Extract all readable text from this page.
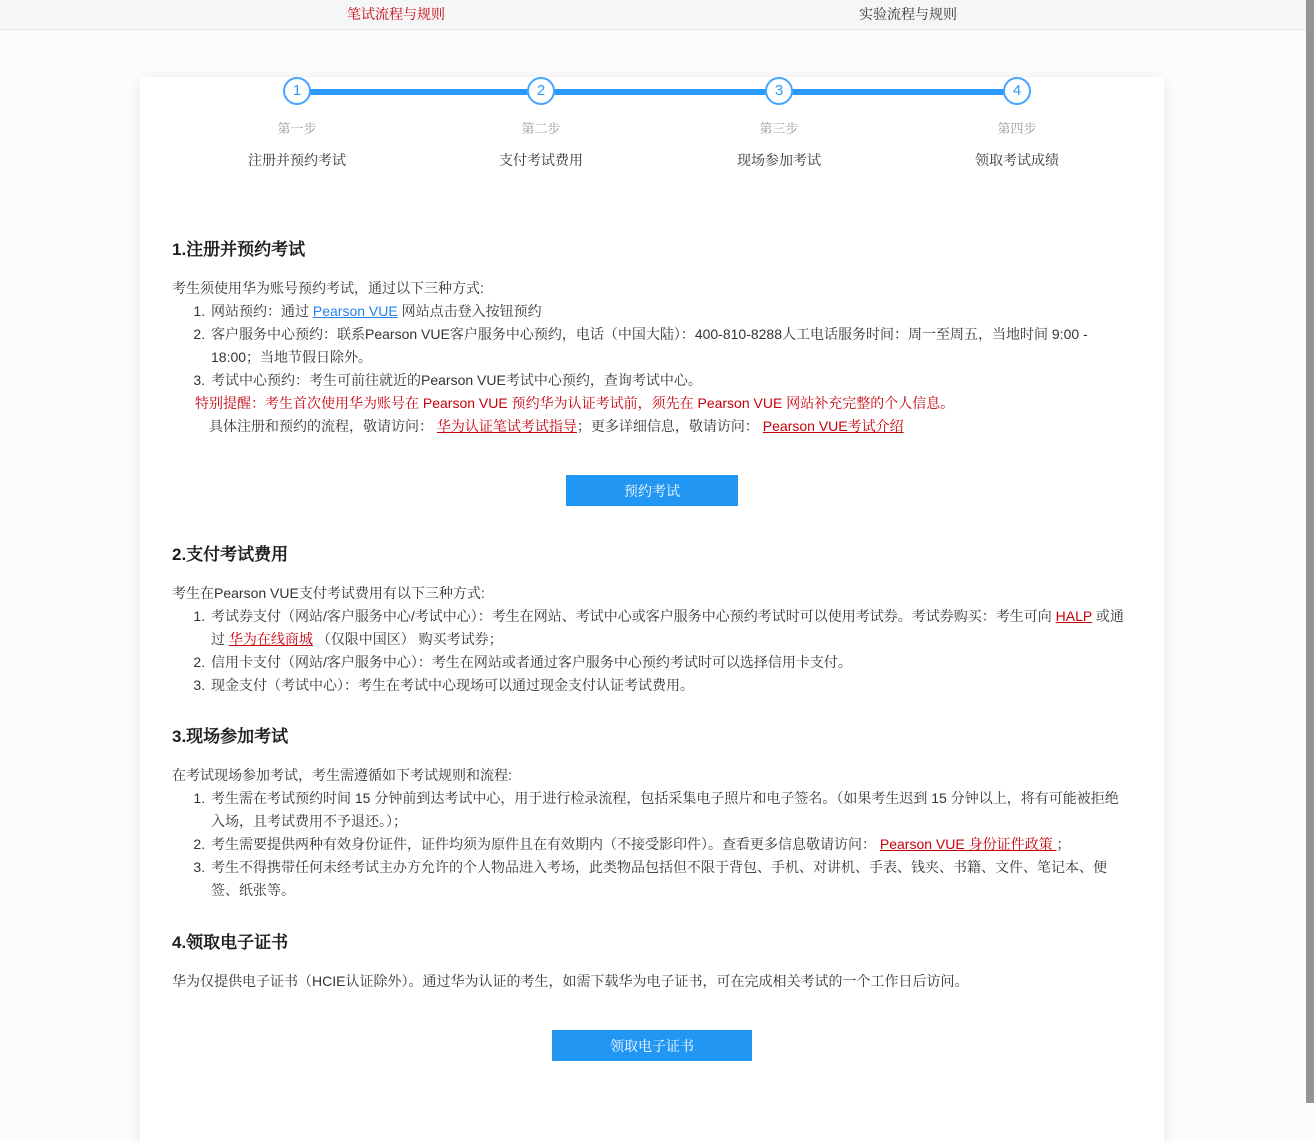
笔试流程与规则	实验流程与规则
1
第一步
注册并预约考试
2
第二步
支付考试费用
3
第三步
现场参加考试
4
第四步
领取考试成绩
1.注册并预约考试

考生须使用华为账号预约考试，通过以下三种方式:

1. 网站预约：通过 Pearson VUE 网站点击登入按钮预约
2. 客户服务中心预约：联系Pearson VUE客户服务中心预约，电话（中国大陆）：400-810-8288人工电话服务时间：周一至周五，当地时间 9:00 - 18:00；当地节假日除外。
3. 考试中心预约：考生可前往就近的Pearson VUE考试中心预约，查询考试中心。

特别提醒：考生首次使用华为账号在 Pearson VUE 预约华为认证考试前，须先在 Pearson VUE 网站补充完整的个人信息。

具体注册和预约的流程，敬请访问： 华为认证笔试考试指导；更多详细信息，敬请访问： Pearson VUE考试介绍

预约考试
2.支付考试费用

考生在Pearson VUE支付考试费用有以下三种方式:

1. 考试券支付（网站/客户服务中心/考试中心）：考生在网站、考试中心或客户服务中心预约考试时可以使用考试券。考试券购买：考生可向 HALP 或通过 华为在线商城 （仅限中国区） 购买考试券；
2. 信用卡支付（网站/客户服务中心）：考生在网站或者通过客户服务中心预约考试时可以选择信用卡支付。
3. 现金支付（考试中心）：考生在考试中心现场可以通过现金支付认证考试费用。
3.现场参加考试

在考试现场参加考试，考生需遵循如下考试规则和流程:

1. 考生需在考试预约时间 15 分钟前到达考试中心，用于进行检录流程，包括采集电子照片和电子签名。（如果考生迟到 15 分钟以上，将有可能被拒绝入场，且考试费用不予退还。）；
2. 考生需要提供两种有效身份证件，证件均须为原件且在有效期内（不接受影印件）。查看更多信息敬请访问： Pearson VUE 身份证件政策 ；
3. 考生不得携带任何未经考试主办方允许的个人物品进入考场，此类物品包括但不限于背包、手机、对讲机、手表、钱夹、书籍、文件、笔记本、便签、纸张等。
4.领取电子证书

华为仅提供电子证书（HCIE认证除外）。通过华为认证的考生，如需下载华为电子证书，可在完成相关考试的一个工作日后访问。

领取电子证书
